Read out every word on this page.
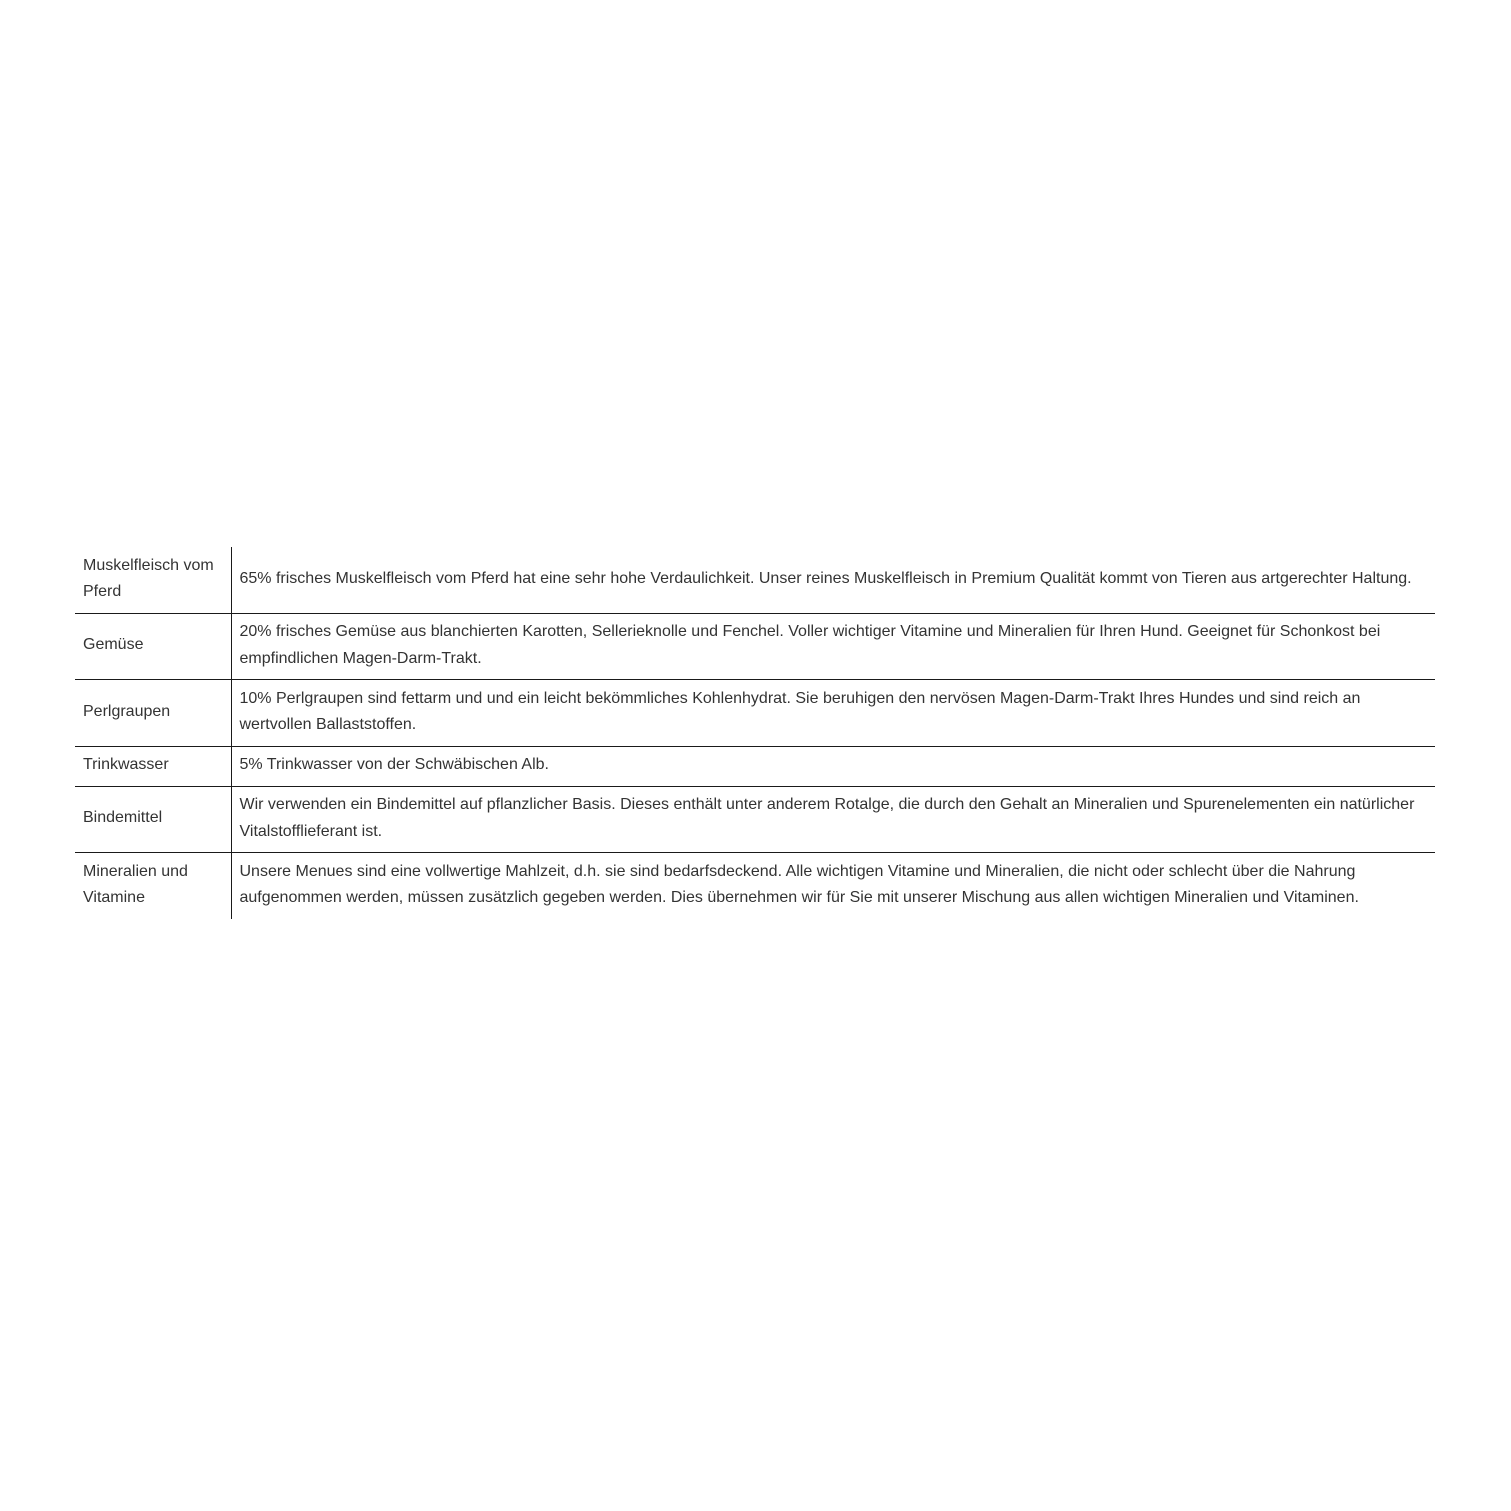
Muskelfleisch vom Pferd	65% frisches Muskelfleisch vom Pferd hat eine sehr hohe Verdaulichkeit. Unser reines Muskelfleisch in Premium Qualität kommt von Tieren aus artgerechter Haltung.
Gemüse	20% frisches Gemüse aus blanchierten Karotten, Sellerieknolle und Fenchel. Voller wichtiger Vitamine und Mineralien für Ihren Hund. Geeignet für Schonkost bei empfindlichen Magen-Darm-Trakt.
Perlgraupen	10% Perlgraupen sind fettarm und und ein leicht bekömmliches Kohlenhydrat. Sie beruhigen den nervösen Magen-Darm-Trakt Ihres Hundes und sind reich an wertvollen Ballaststoffen.
Trinkwasser	5% Trinkwasser von der Schwäbischen Alb.
Bindemittel	Wir verwenden ein Bindemittel auf pflanzlicher Basis. Dieses enthält unter anderem Rotalge, die durch den Gehalt an Mineralien und Spurenelementen ein natürlicher Vitalstofflieferant ist.
Mineralien und Vitamine	Unsere Menues sind eine vollwertige Mahlzeit, d.h. sie sind bedarfsdeckend. Alle wichtigen Vitamine und Mineralien, die nicht oder schlecht über die Nahrung aufgenommen werden, müssen zusätzlich gegeben werden. Dies übernehmen wir für Sie mit unserer Mischung aus allen wichtigen Mineralien und Vitaminen.
